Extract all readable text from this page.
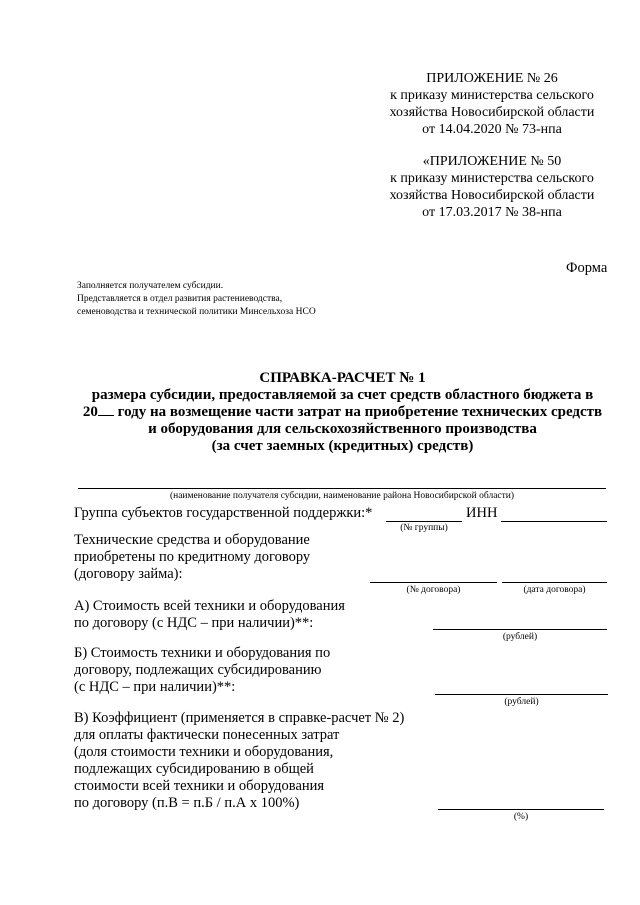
ПРИЛОЖЕНИЕ № 26
к приказу министерства сельского
хозяйства Новосибирской области
от 14.04.2020 № 73-нпа
«ПРИЛОЖЕНИЕ № 50
к приказу министерства сельского
хозяйства Новосибирской области
от 17.03.2017 № 38-нпа
Форма
Заполняется получателем субсидии.
Представляется в отдел развития растениеводства,
семеноводства и технической политики Минсельхоза НСО
СПРАВКА-РАСЧЕТ № 1
размера субсидии, предоставляемой за счет средств областного бюджета в
20 году на возмещение части затрат на приобретение технических средств
и оборудования для сельскохозяйственного производства
(за счет заемных (кредитных) средств)
(наименование получателя субсидии, наименование района Новосибирской области)
Группа субъектов государственной поддержки:*
(№ группы)
ИНН
Технические средства и оборудование
приобретены по кредитному договору
(договору займа):
(№ договора)	(дата договора)
А) Стоимость всей техники и оборудования
по договору (с НДС – при наличии)**:
(рублей)
Б) Стоимость техники и оборудования по
договору, подлежащих субсидированию
(с НДС – при наличии)**:
(рублей)
В) Коэффициент (применяется в справке-расчет № 2)
для оплаты фактически понесенных затрат
(доля стоимости техники и оборудования,
подлежащих субсидированию в общей
стоимости всей техники и оборудования
по договору (п.В = п.Б / п.А х 100%)
(%)
